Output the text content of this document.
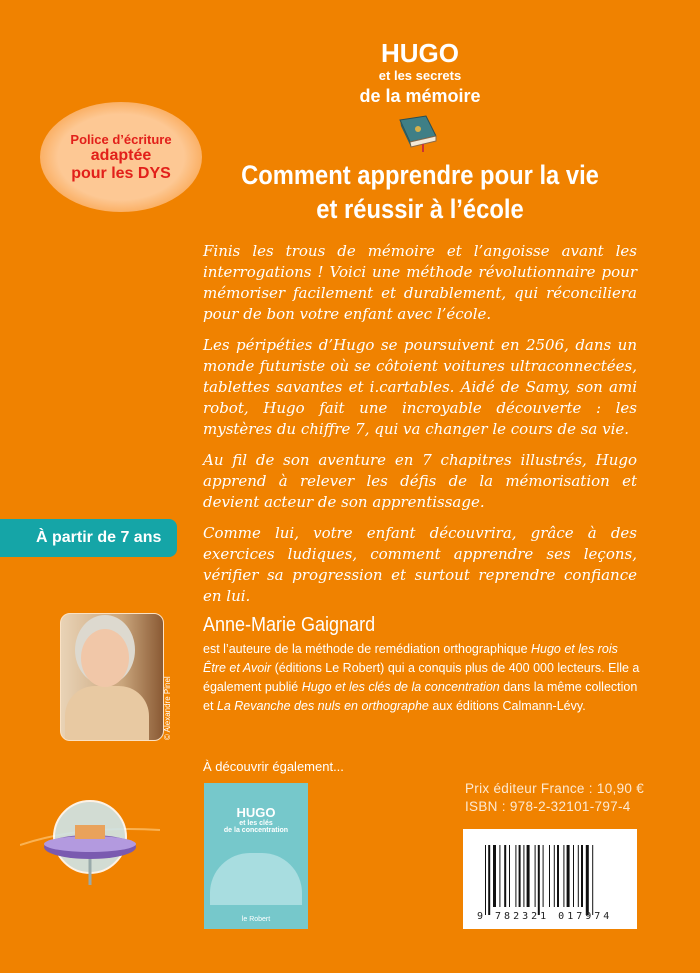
HUGO
et les secrets
de la mémoire
Comment apprendre pour la vie
et réussir à l’école
Police d’écriture
adaptée
pour les DYS

Finis les trous de mémoire et l’angoisse avant les interrogations ! Voici une méthode révolutionnaire pour mémoriser facilement et durablement, qui réconciliera pour de bon votre enfant avec l’école.

Les péripéties d’Hugo se poursuivent en 2506, dans un monde futuriste où se côtoient voitures ultraconnectées, tablettes savantes et i.cartables. Aidé de Samy, son ami robot, Hugo fait une incroyable découverte : les mystères du chiffre 7, qui va changer le cours de sa vie.

Au fil de son aventure en 7 chapitres illustrés, Hugo apprend à relever les défis de la mémorisation et devient acteur de son apprentissage.

Comme lui, votre enfant découvrira, grâce à des exercices ludiques, comment apprendre ses leçons, vérifier sa progression et surtout reprendre confiance en lui.

À partir de 7 ans
© Alexandre Pinel
Anne-Marie Gaignard
est l’auteure de la méthode de remédiation orthographique Hugo et les rois Être et Avoir (éditions Le Robert) qui a conquis plus de 400 000 lecteurs. Elle a également publié Hugo et les clés de la concentration dans la même collection et La Revanche des nuls en orthographe aux éditions Calmann-Lévy.
À découvrir également...
HUGO
et les clés
de la concentration
le Robert
Prix éditeur France : 10,90 €
ISBN : 978-2-32101-797-4
9 782321 017974
